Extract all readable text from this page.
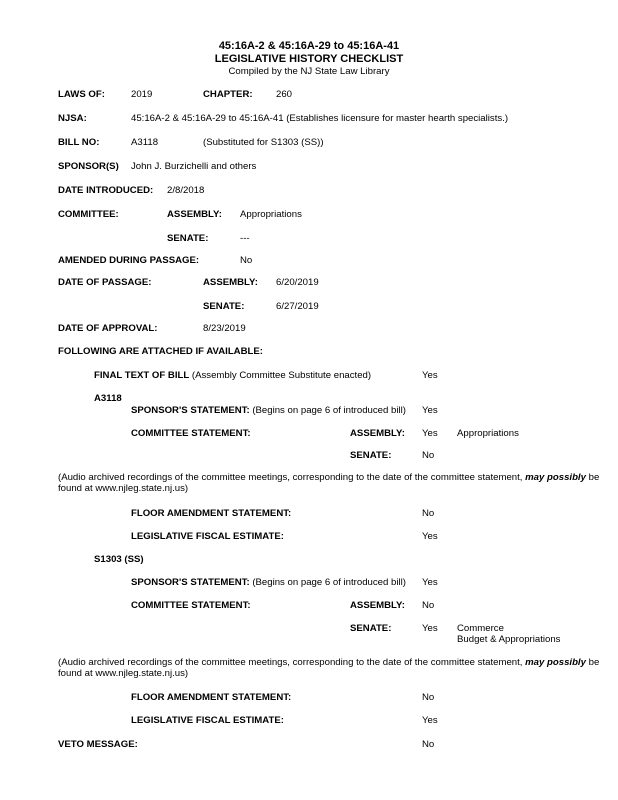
45:16A-2 & 45:16A-29 to 45:16A-41
LEGISLATIVE HISTORY CHECKLIST
Compiled by the NJ State Law Library
LAWS OF:	2019	CHAPTER: 260
NJSA:	45:16A-2 & 45:16A-29 to 45:16A-41 (Establishes licensure for master hearth specialists.)
BILL NO:	A3118	(Substituted for S1303 (SS))
SPONSOR(S) John J. Burzichelli and others
DATE INTRODUCED: 2/8/2018
COMMITTEE:	ASSEMBLY: Appropriations
SENATE:	---
AMENDED DURING PASSAGE:	No
DATE OF PASSAGE:	ASSEMBLY: 6/20/2019
SENATE:	6/27/2019
DATE OF APPROVAL:	8/23/2019
FOLLOWING ARE ATTACHED IF AVAILABLE:
FINAL TEXT OF BILL (Assembly Committee Substitute enacted)	Yes
A3118
SPONSOR'S STATEMENT: (Begins on page 6 of introduced bill) Yes
COMMITTEE STATEMENT:	ASSEMBLY: Yes Appropriations
SENATE:	No
(Audio archived recordings of the committee meetings, corresponding to the date of the committee statement, may possibly be found at www.njleg.state.nj.us)
FLOOR AMENDMENT STATEMENT:	No
LEGISLATIVE FISCAL ESTIMATE:	Yes
S1303 (SS)
SPONSOR'S STATEMENT: (Begins on page 6 of introduced bill) Yes
COMMITTEE STATEMENT:	ASSEMBLY: No
SENATE:	Yes Commerce
Budget & Appropriations
(Audio archived recordings of the committee meetings, corresponding to the date of the committee statement, may possibly be found at www.njleg.state.nj.us)
FLOOR AMENDMENT STATEMENT:	No
LEGISLATIVE FISCAL ESTIMATE:	Yes
VETO MESSAGE:	No
